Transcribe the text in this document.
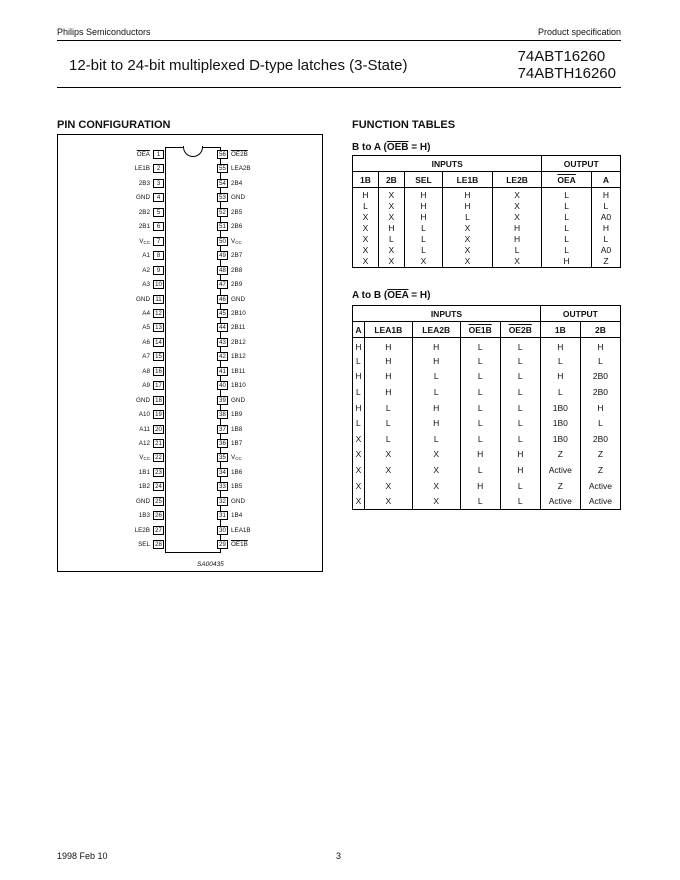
Philips Semiconductors	Product specification
12-bit to 24-bit multiplexed D-type latches (3-State)
74ABT16260
74ABTH16260
PIN CONFIGURATION	FUNCTION TABLES
$\overline{OEA}$	1
LE1B	2
2B3	3
GND	4
2B2	5
2B1	6
$V_{CC}$	7
A1	8
A2	9
A3 10
GND 11
A4 12
A5 13
A6 14
A7 15
A8 16
A9 17
GND 18
A10 19
A11 20
A12 21
$V_{CC}$ 22
1B1 23
1B2 24
GND 25
1B3 26
LE2B 27
SEL 28
56 OE2B
55 LEA2B
54 2B4
53 GND
52 2B5
51 2B6
50 $V_{CC}$
49 2B7
48 2B8
47 2B9
46 GND
45 2B10
44 2B11
43 2B12
42 1B12
41 1B11
40 1B10
39 GND
38 1B9
37 1B8
36 1B7
35 $V_{CC}$
34 1B6
33 1B5
32 GND
31 1B4
30 LEA1B
29 OE1B
SA00435
B to A $(\overline{OEB} = H)$
INPUTS					OUTPUT	
1B	2B	SEL	LE1B	LE2B	$\overline{OEA}$	A
H	X	H	H	X	L	H
L	X	H	H	X	L	L
X	X	H	L	X	L	A0
X	H	L	X	H	L	H
X	L	L	X	H	L	L
X	X	L	X	L	L	A0
X	X	X	X	X	H	Z
A to B $(\overline{OEA} = H)$
INPUTS					OUTPUT	
A	LEA1B	LEA2B	OE1B	OE2B	1B	2B
H	H	H	L	L	H	H
L	H	H	L	L	L	L
H	H	L	L	L	H	2B0
L	H	L	L	L	L	2B0
H	L	H	L	L	1B0	H
L	L	H	L	L	1B0	L
X	L	L	L	L	1B0	2B0
X	X	X	H	H	Z	Z
X	X	X	L	H	Active	Z
X	X	X	H	L	Z	Active
X	X	X	L	L	Active	Active
1998 Feb 10	3
